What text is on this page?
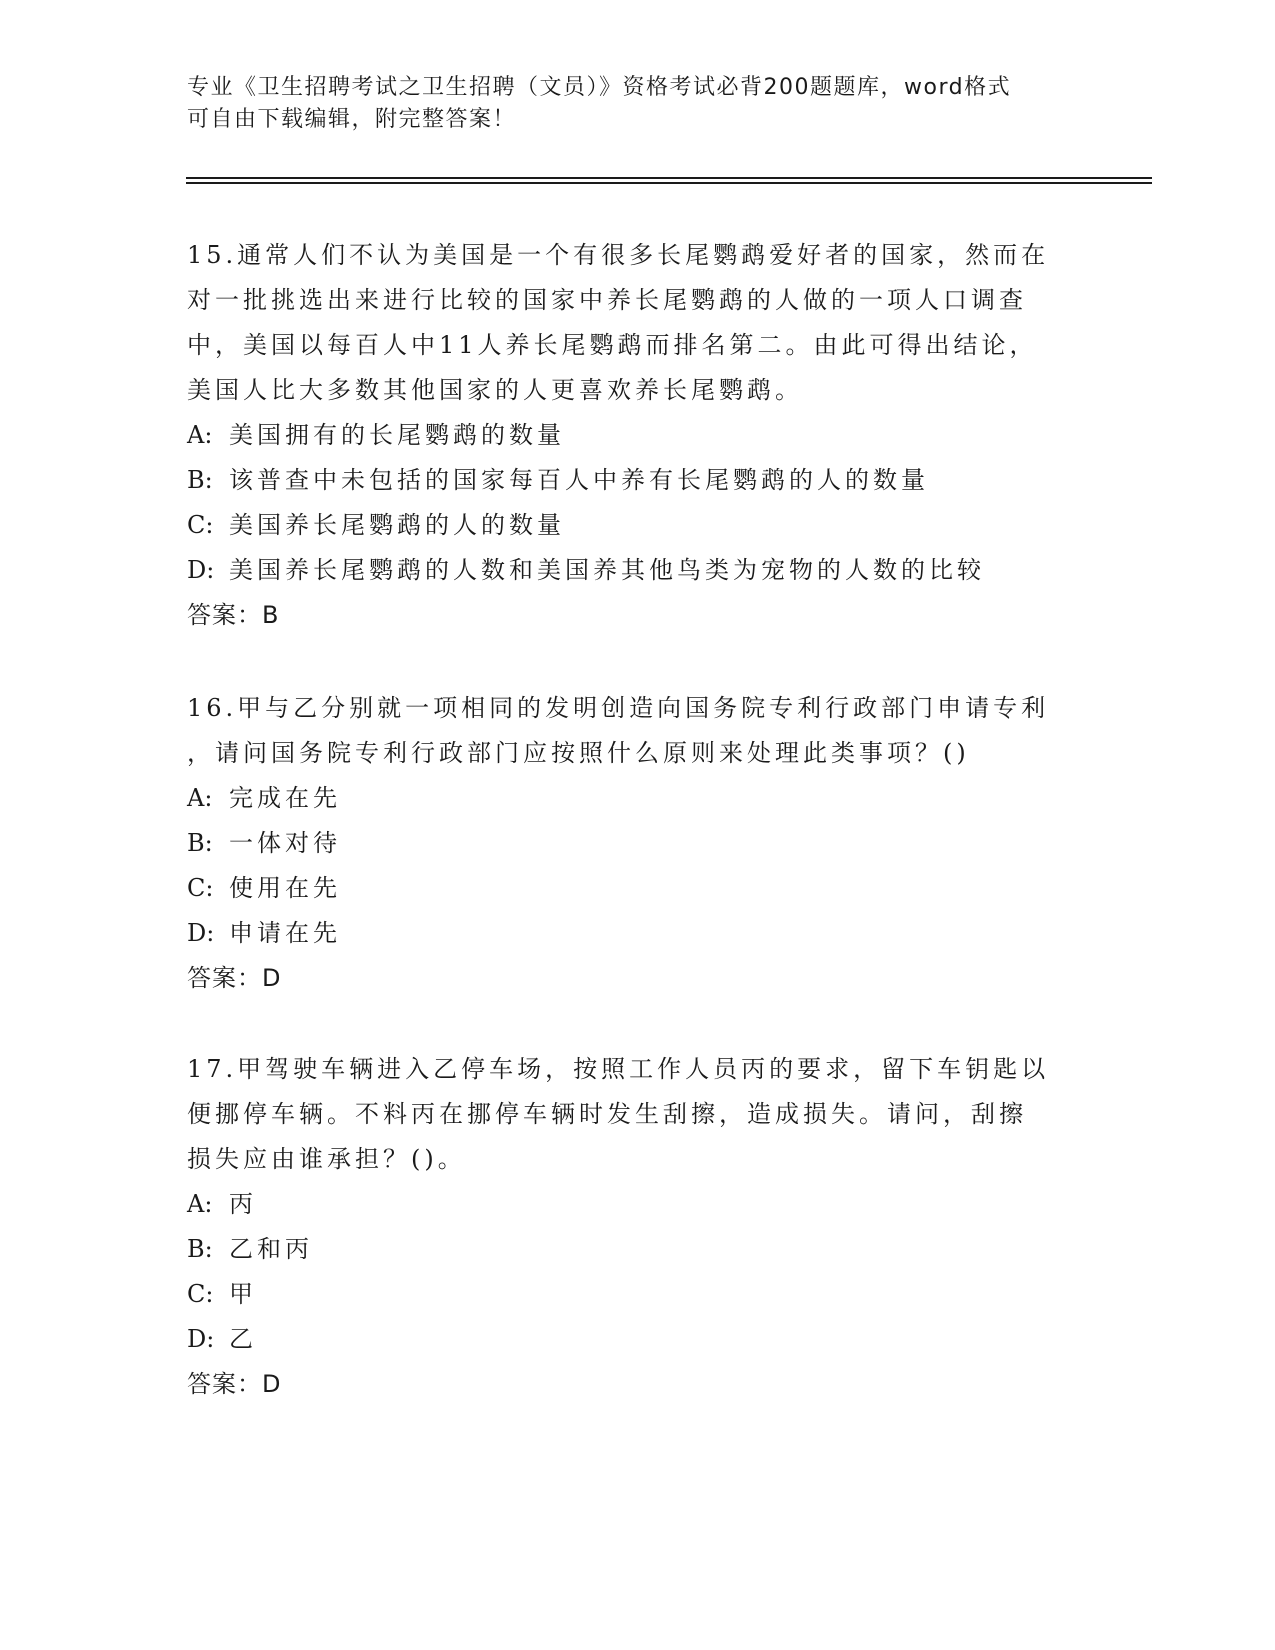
专业《卫生招聘考试之卫生招聘（文员）》资格考试必背200题题库，word格式
可自由下载编辑，附完整答案！
15.通常人们不认为美国是一个有很多长尾鹦鹉爱好者的国家，然而在
对一批挑选出来进行比较的国家中养长尾鹦鹉的人做的一项人口调查
中，美国以每百人中11人养长尾鹦鹉而排名第二。由此可得出结论，
美国人比大多数其他国家的人更喜欢养长尾鹦鹉。
A: 美国拥有的长尾鹦鹉的数量
B: 该普查中未包括的国家每百人中养有长尾鹦鹉的人的数量
C: 美国养长尾鹦鹉的人的数量
D: 美国养长尾鹦鹉的人数和美国养其他鸟类为宠物的人数的比较
答案：B
16.甲与乙分别就一项相同的发明创造向国务院专利行政部门申请专利
，请问国务院专利行政部门应按照什么原则来处理此类事项？()
A: 完成在先
B: 一体对待
C: 使用在先
D: 申请在先
答案：D
17.甲驾驶车辆进入乙停车场，按照工作人员丙的要求，留下车钥匙以
便挪停车辆。不料丙在挪停车辆时发生刮擦，造成损失。请问，刮擦
损失应由谁承担？()。
A: 丙
B: 乙和丙
C: 甲
D: 乙
答案：D
